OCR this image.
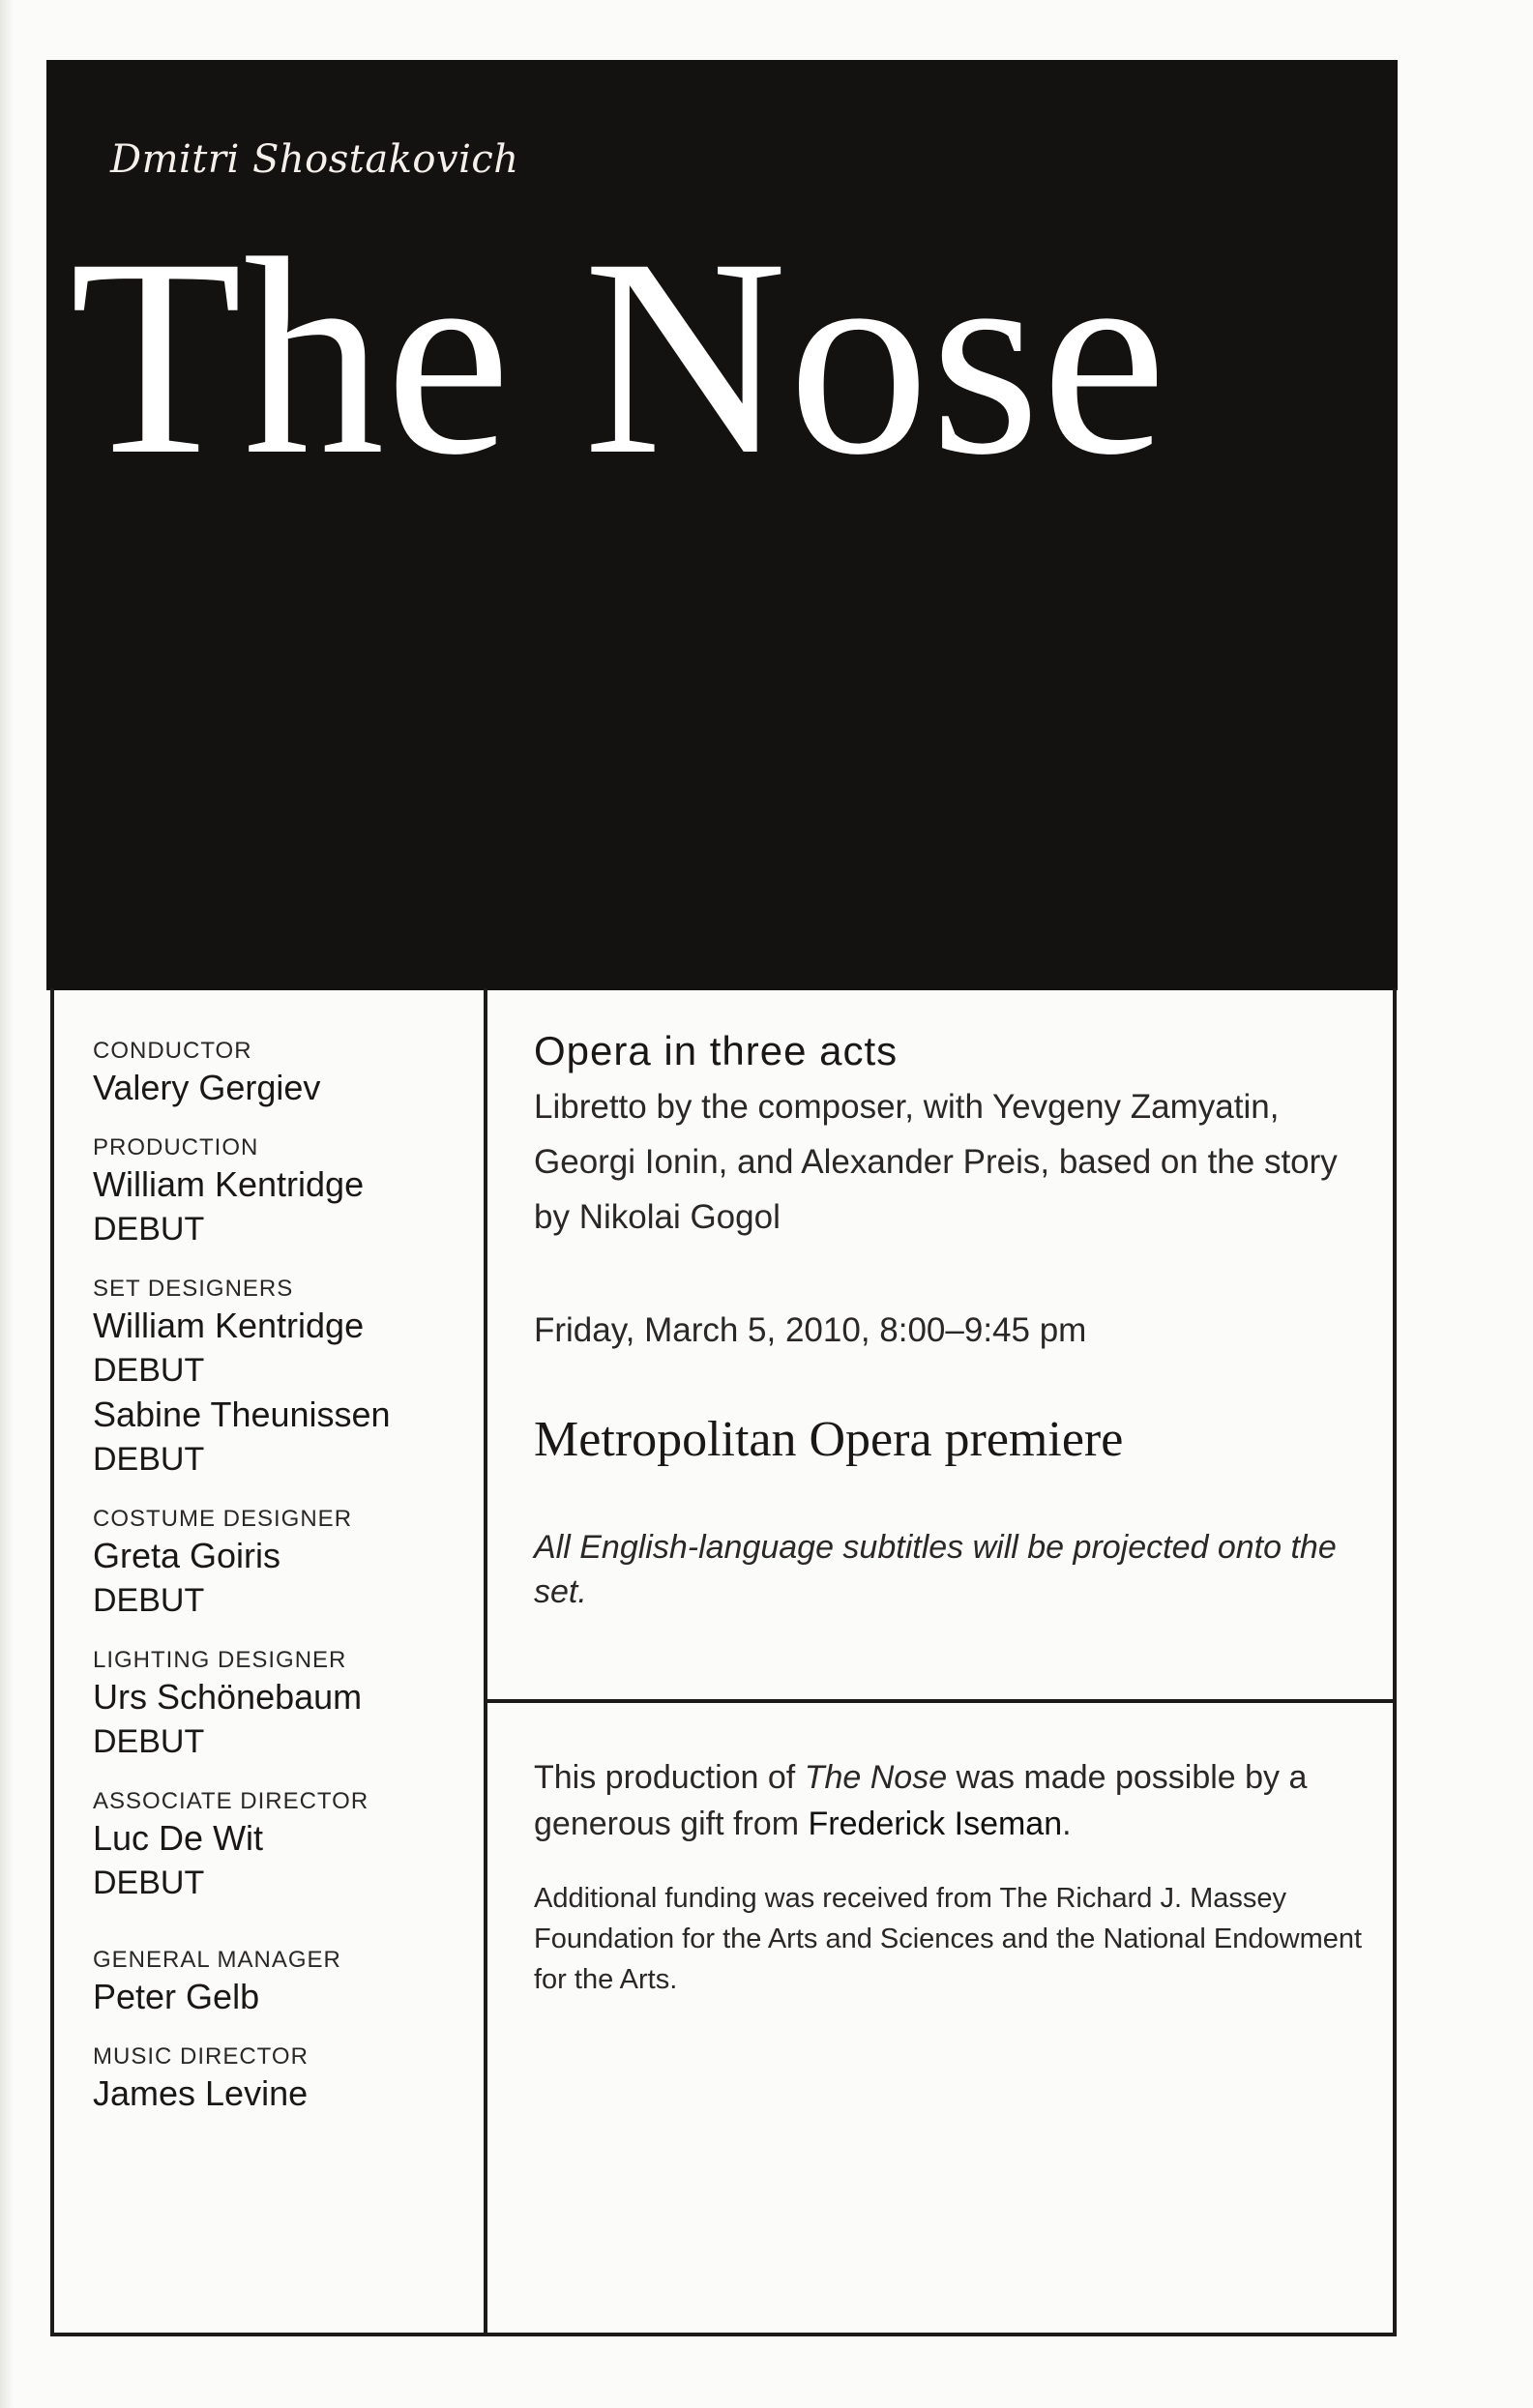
Dmitri Shostakovich
The Nose
CONDUCTOR
Valery Gergiev
PRODUCTION
William Kentridge
DEBUT
SET DESIGNERS
William Kentridge
DEBUT
Sabine Theunissen
DEBUT
COSTUME DESIGNER
Greta Goiris
DEBUT
LIGHTING DESIGNER
Urs Schönebaum
DEBUT
ASSOCIATE DIRECTOR
Luc De Wit
DEBUT
GENERAL MANAGER
Peter Gelb
MUSIC DIRECTOR
James Levine
Opera in three acts
Libretto by the composer, with Yevgeny Zamyatin, Georgi Ionin, and Alexander Preis, based on the story by Nikolai Gogol
Friday, March 5, 2010, 8:00–9:45 pm
Metropolitan Opera premiere
All English-language subtitles will be projected onto the set.
This production of The Nose was made possible by a generous gift from Frederick Iseman.
Additional funding was received from The Richard J. Massey Foundation for the Arts and Sciences and the National Endowment for the Arts.
